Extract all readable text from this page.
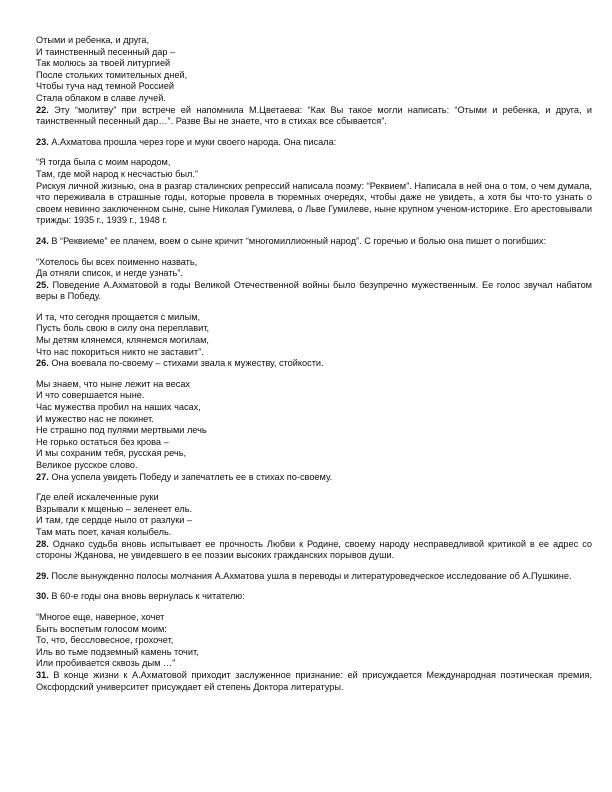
Отыми и ребенка, и друга,
И таинственный песенный дар –
Так молюсь за твоей литургией
После стольких томительных дней,
Чтобы туча над темной Россией
Стала облаком в славе лучей.
22. Эту “молитву” при встрече ей напомнила М.Цветаева: “Как Вы такое могли написать: “Отыми и ребенка, и друга, и таинственный песенный дар…”. Разве Вы не знаете, что в стихах все сбывается”.
23. А.Ахматова прошла через горе и муки своего народа. Она писала:
“Я тогда была с моим народом,
Там, где мой народ к несчастью был.”
Рискуя личной жизнью, она в разгар сталинских репрессий написала поэму: “Реквием”. Написала в ней она о том, о чем думала, что переживала в страшные годы, которые провела в тюремных очередях, чтобы даже не увидеть, а хотя бы что-то узнать о своем невинно заключенном сыне, сыне Николая Гумилева, о Льве Гумилеве, ныне крупном ученом-историке. Его арестовывали трижды: 1935 г., 1939 г., 1948 г.
24. В “Реквиеме” ее плачем, воем о сыне кричит “многомиллионный народ”. С горечью и болью она пишет о погибших:
“Хотелось бы всех поименно назвать,
Да отняли список, и негде узнать”.
25. Поведение А.Ахматовой в годы Великой Отечественной войны было безупречно мужественным. Ее голос звучал набатом веры в Победу.
И та, что сегодня прощается с милым,
Пусть боль свою в силу она переплавит,
Мы детям клянемся, клянемся могилам,
Что нас покориться никто не заставит”.
26. Она воевала по-своему – стихами звала к мужеству, стойкости.
Мы знаем, что ныне лежит на весах
И что совершается ныне.
Час мужества пробил на наших часах,
И мужество нас не покинет.
Не страшно под пулями мертвыми лечь
Не горько остаться без крова –
И мы сохраним тебя, русская речь,
Великое русское слово.
27. Она успела увидеть Победу и запечатлеть ее в стихах по-своему.
Где елей искалеченные руки
Взрывали к мщенью – зеленеет ель.
И там, где сердце ныло от разлуки –
Там мать поет, качая колыбель.
28. Однако судьба вновь испытывает ее прочность Любви к Родине, своему народу несправедливой критикой в ее адрес со стороны Жданова, не увидевшего в ее поэзии высоких гражданских порывов души.
29. После вынужденно полосы молчания А.Ахматова ушла в переводы и литературоведческое исследование об А.Пушкине.
30. В 60-е годы она вновь вернулась к читателю:
“Многое еще, наверное, хочет
Быть воспетым голосом моим:
То, что, бессловесное, грохочет,
Иль во тьме подземный камень точит,
Или пробивается сквозь дым …”
31. В конце жизни к А.Ахматовой приходит заслуженное признание: ей присуждается Международная поэтическая премия, Оксфордский университет присуждает ей степень Доктора литературы.
